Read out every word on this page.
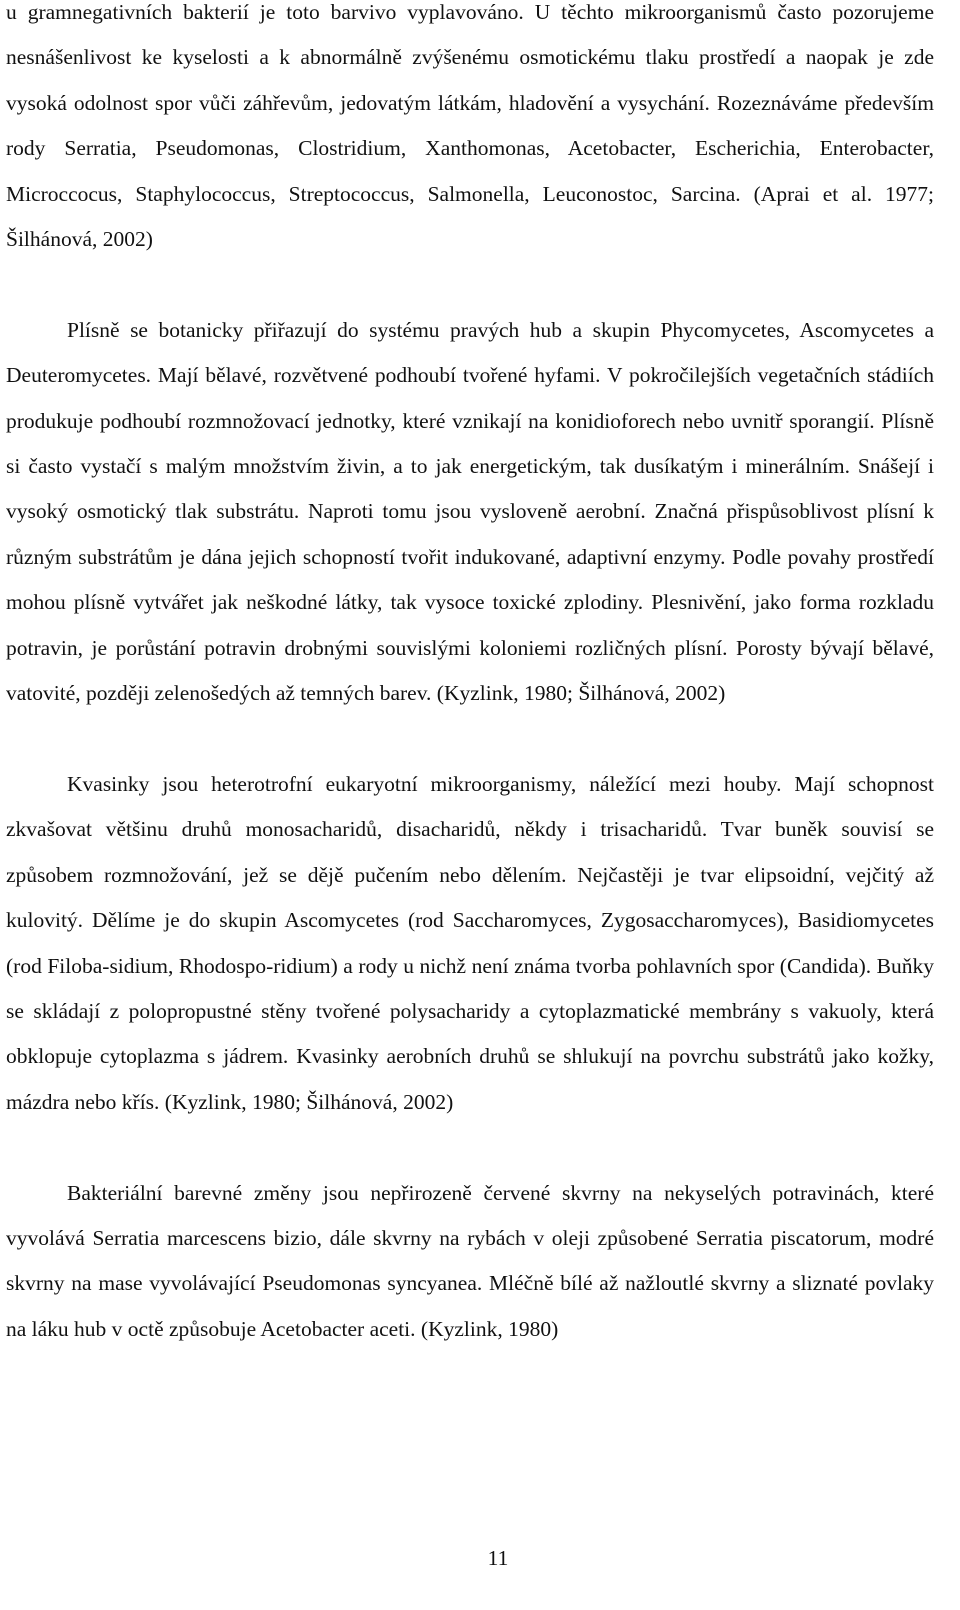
u gramnegativních bakterií je toto barvivo vyplavováno. U těchto mikroorganismů často pozorujeme nesnášenlivost ke kyselosti a k abnormálně zvýšenému osmotickému tlaku prostředí a naopak je zde vysoká odolnost spor vůči záhřevům, jedovatým látkám, hladovění a vysychání. Rozeznáváme především rody Serratia, Pseudomonas, Clostridium, Xanthomonas, Acetobacter, Escherichia, Enterobacter, Microccocus, Staphylococcus, Streptococcus, Salmonella, Leuconostoc, Sarcina. (Aprai et al. 1977; Šilhánová, 2002)

Plísně se botanicky přiřazují do systému pravých hub a skupin Phycomycetes, Ascomycetes a Deuteromycetes. Mají bělavé, rozvětvené podhoubí tvořené hyfami. V pokročilejších vegetačních stádiích produkuje podhoubí rozmnožovací jednotky, které vznikají na konidioforech nebo uvnitř sporangií. Plísně si často vystačí s malým množstvím živin, a to jak energetickým, tak dusíkatým i minerálním. Snášejí i vysoký osmotický tlak substrátu. Naproti tomu jsou vysloveně aerobní. Značná přispůsoblivost plísní k různým substrátům je dána jejich schopností tvořit indukované, adaptivní enzymy. Podle povahy prostředí mohou plísně vytvářet jak neškodné látky, tak vysoce toxické zplodiny. Plesnivění, jako forma rozkladu potravin, je porůstání potravin drobnými souvislými koloniemi rozličných plísní. Porosty bývají bělavé, vatovité, později zelenošedých až temných barev. (Kyzlink, 1980; Šilhánová, 2002)

Kvasinky jsou heterotrofní eukaryotní mikroorganismy, náležící mezi houby. Mají schopnost zkvašovat většinu druhů monosacharidů, disacharidů, někdy i trisacharidů. Tvar buněk souvisí se způsobem rozmnožování, jež se dějě pučením nebo dělením. Nejčastěji je tvar elipsoidní, vejčitý až kulovitý. Dělíme je do skupin Ascomycetes (rod Saccharomyces, Zygosaccharomyces), Basidiomycetes (rod Filoba-sidium, Rhodospo-ridium) a rody u nichž není známa tvorba pohlavních spor (Candida). Buňky se skládají z polopropustné stěny tvořené polysacharidy a cytoplazmatické membrány s vakuoly, která obklopuje cytoplazma s jádrem. Kvasinky aerobních druhů se shlukují na povrchu substrátů jako kožky, mázdra nebo křís. (Kyzlink, 1980; Šilhánová, 2002)

Bakteriální barevné změny jsou nepřirozeně červené skvrny na nekyselých potravinách, které vyvolává Serratia marcescens bizio, dále skvrny na rybách v oleji způsobené Serratia piscatorum, modré skvrny na mase vyvolávající Pseudomonas syncyanea. Mléčně bílé až nažloutlé skvrny a sliznaté povlaky na láku hub v octě způsobuje Acetobacter aceti. (Kyzlink, 1980)

11
